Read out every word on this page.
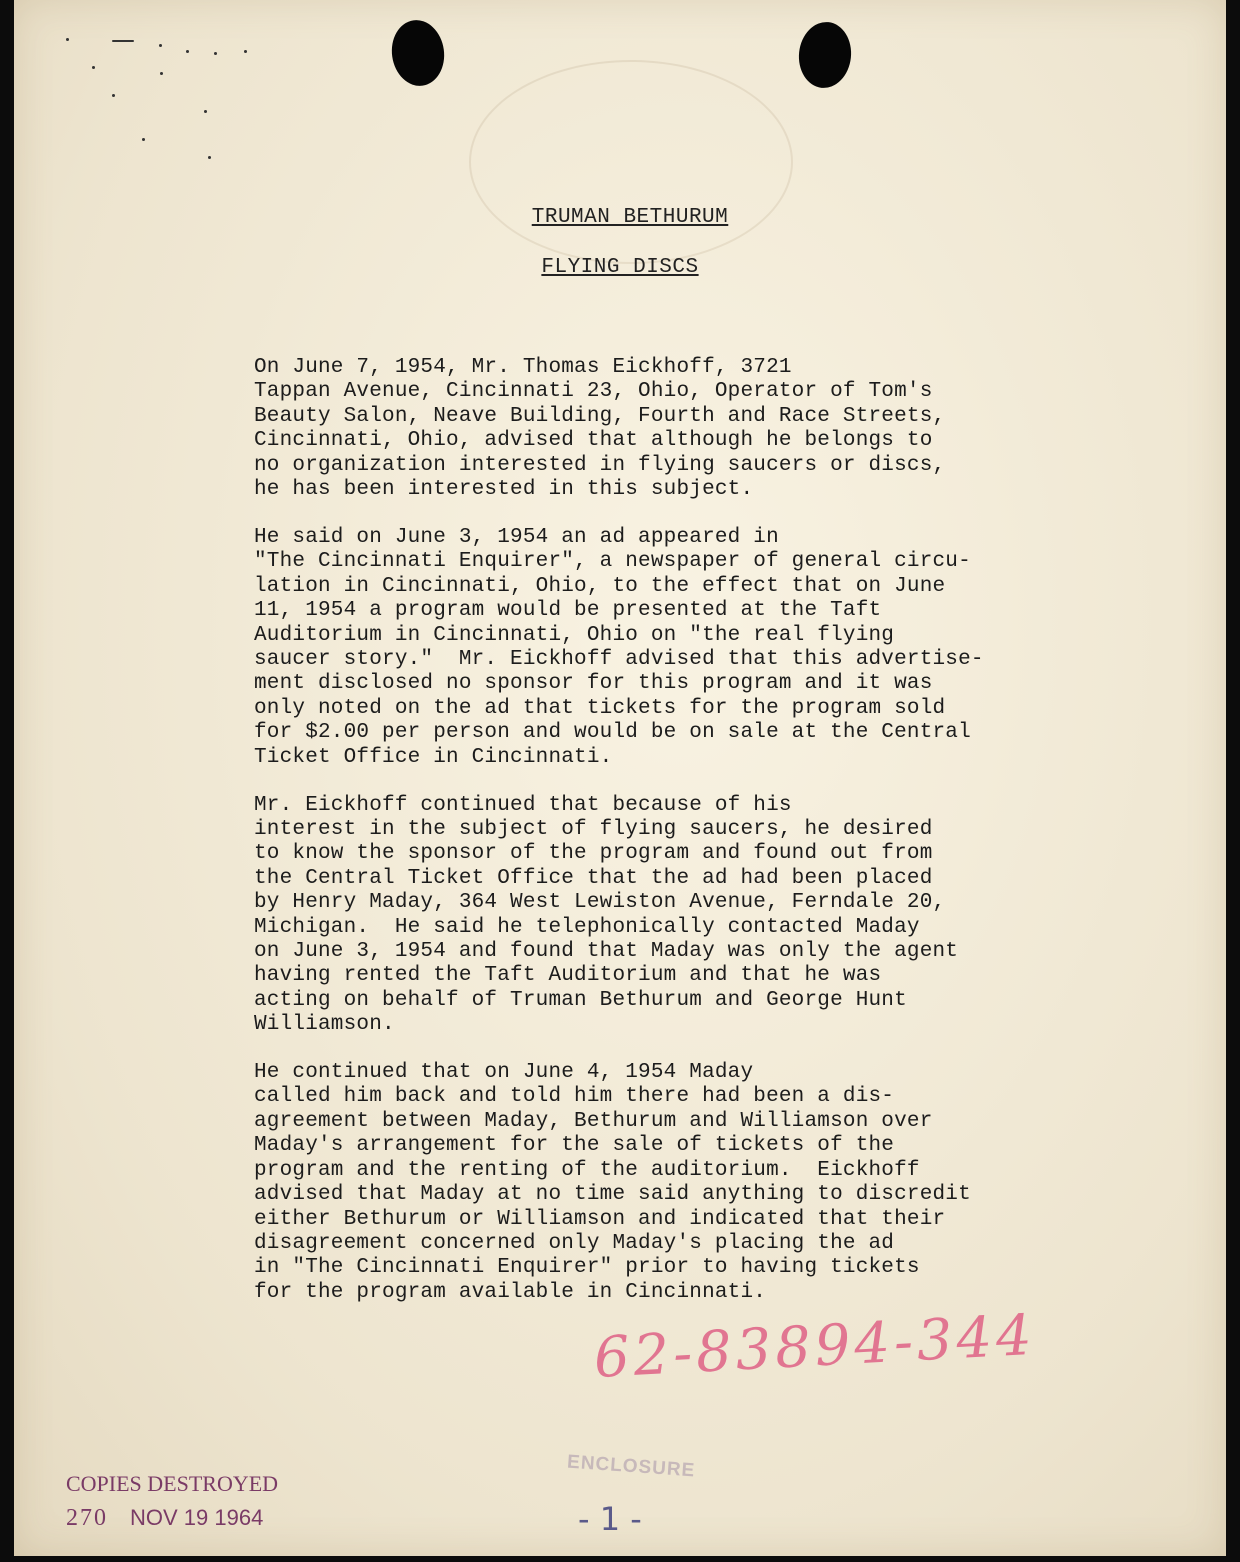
TRUMAN BETHURUM
FLYING DISCS

On June 7, 1954, Mr. Thomas Eickhoff, 3721
Tappan Avenue, Cincinnati 23, Ohio, Operator of Tom's
Beauty Salon, Neave Building, Fourth and Race Streets,
Cincinnati, Ohio, advised that although he belongs to
no organization interested in flying saucers or discs,
he has been interested in this subject.

He said on June 3, 1954 an ad appeared in
"The Cincinnati Enquirer", a newspaper of general circu-
lation in Cincinnati, Ohio, to the effect that on June
11, 1954 a program would be presented at the Taft
Auditorium in Cincinnati, Ohio on "the real flying
saucer story."  Mr. Eickhoff advised that this advertise-
ment disclosed no sponsor for this program and it was
only noted on the ad that tickets for the program sold
for $2.00 per person and would be on sale at the Central
Ticket Office in Cincinnati.

Mr. Eickhoff continued that because of his
interest in the subject of flying saucers, he desired
to know the sponsor of the program and found out from
the Central Ticket Office that the ad had been placed
by Henry Maday, 364 West Lewiston Avenue, Ferndale 20,
Michigan.  He said he telephonically contacted Maday
on June 3, 1954 and found that Maday was only the agent
having rented the Taft Auditorium and that he was
acting on behalf of Truman Bethurum and George Hunt
Williamson.

He continued that on June 4, 1954 Maday
called him back and told him there had been a dis-
agreement between Maday, Bethurum and Williamson over
Maday's arrangement for the sale of tickets of the
program and the renting of the auditorium.  Eickhoff
advised that Maday at no time said anything to discredit
either Bethurum or Williamson and indicated that their
disagreement concerned only Maday's placing the ad
in "The Cincinnati Enquirer" prior to having tickets
for the program available in Cincinnati.

62-83894-344
ENCLOSURE
- 1 -
COPIES DESTROYED
270 NOV 19 1964
